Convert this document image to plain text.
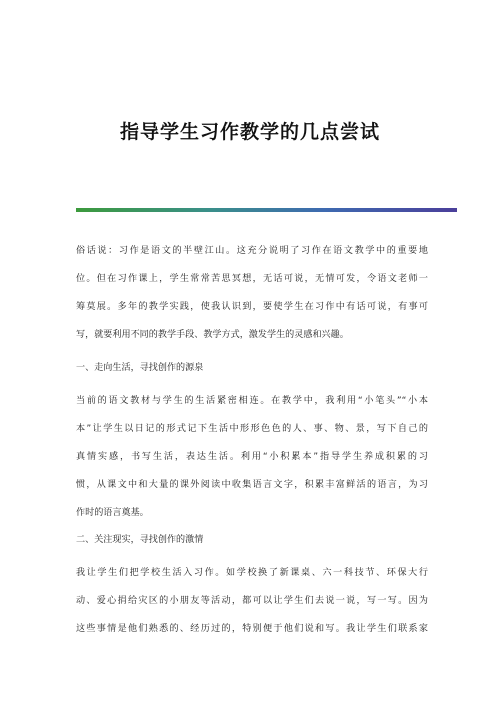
指导学生习作教学的几点尝试
俗话说：习作是语文的半壁江山。这充分说明了习作在语文教学中的重要地
位。但在习作课上，学生常常苦思冥想，无话可说，无情可发，令语文老师一
筹莫展。多年的教学实践，使我认识到，要使学生在习作中有话可说，有事可
写，就要利用不同的教学手段、教学方式，激发学生的灵感和兴趣。
一、走向生活，寻找创作的源泉
当前的语文教材与学生的生活紧密相连。在教学中，我利用“小笔头”“小本
本”让学生以日记的形式记下生活中形形色色的人、事、物、景，写下自己的
真情实感，书写生活，表达生活。利用“小积累本”指导学生养成积累的习
惯，从课文中和大量的课外阅读中收集语言文字，积累丰富鲜活的语言，为习
作时的语言奠基。
二、关注现实，寻找创作的激情
我让学生们把学校生活入习作。如学校换了新课桌、六一科技节、环保大行
动、爱心捐给灾区的小朋友等活动，都可以让学生们去说一说，写一写。因为
这些事情是他们熟悉的、经历过的，特别便于他们说和写。我让学生们联系家
